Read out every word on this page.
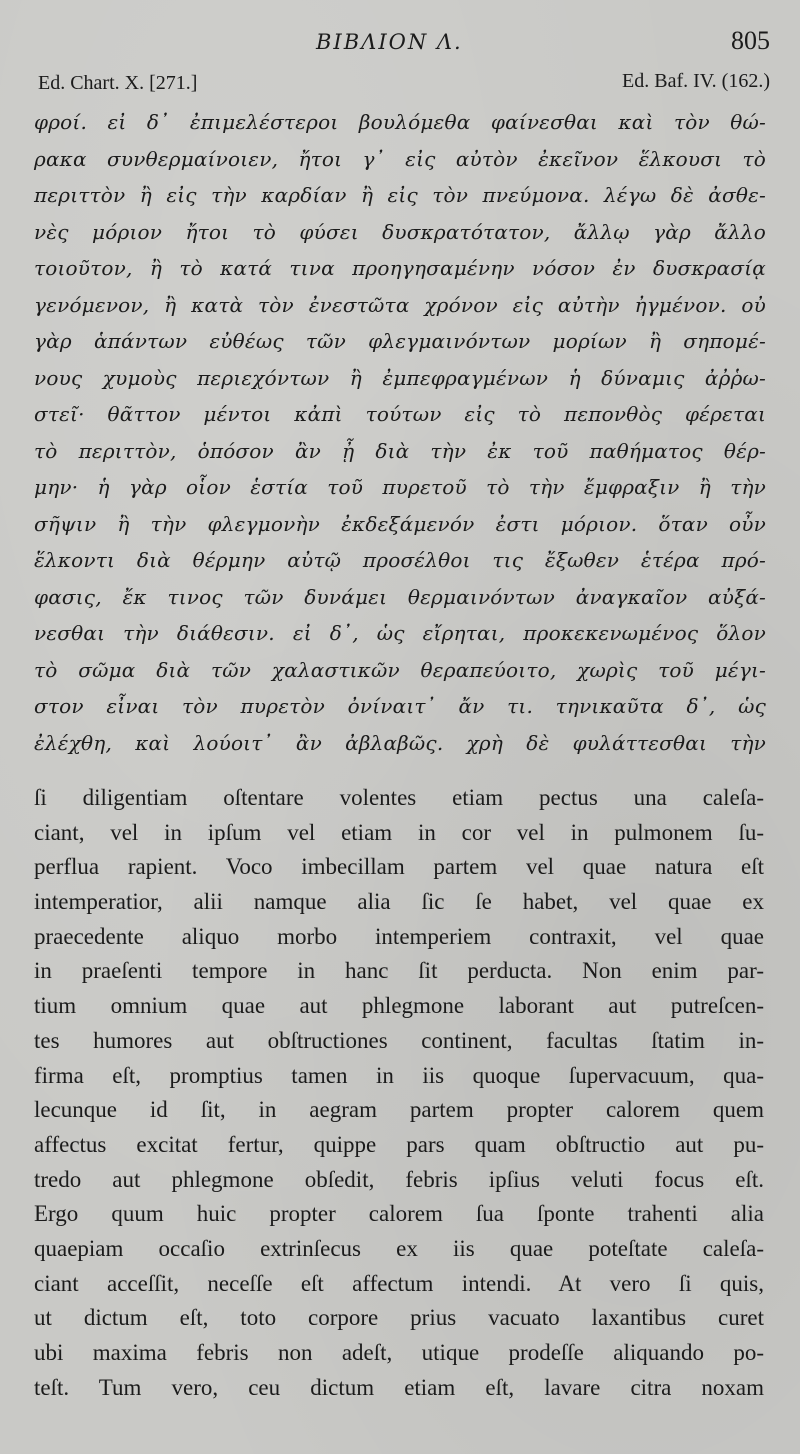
BIBΛION Λ.	805
Ed. Chart. X. [271.]	Ed. Baf. IV. (162.)
φροί. εἰ δ᾽ ἐπιμελέστεροι βουλόμεθα φαίνεσθαι καὶ τὸν θώ-
ρακα συνθερμαίνοιεν, ἤτοι γ᾽ εἰς αὐτὸν ἐκεῖνον ἕλκουσι τὸ
περιττὸν ἢ εἰς τὴν καρδίαν ἢ εἰς τὸν πνεύμονα. λέγω δὲ ἀσθε-
νὲς μόριον ἤτοι τὸ φύσει δυσκρατότατον, ἄλλῳ γὰρ ἄλλο
τοιοῦτον, ἢ τὸ κατά τινα προηγησαμένην νόσον ἐν δυσκρασίᾳ
γενόμενον, ἢ κατὰ τὸν ἐνεστῶτα χρόνον εἰς αὐτὴν ἠγμένον. οὐ
γὰρ ἁπάντων εὐθέως τῶν φλεγμαινόντων μορίων ἢ σηπομέ-
νους χυμοὺς περιεχόντων ἢ ἐμπεφραγμένων ἡ δύναμις ἀῤῥω-
στεῖ· θᾶττον μέντοι κἀπὶ τούτων εἰς τὸ πεπονθὸς φέρεται
τὸ περιττὸν, ὁπόσον ἂν ᾖ διὰ τὴν ἐκ τοῦ παθήματος θέρ-
μην· ἡ γὰρ οἷον ἑστία τοῦ πυρετοῦ τὸ τὴν ἔμφραξιν ἢ τὴν
σῆψιν ἢ τὴν φλεγμονὴν ἐκδεξάμενόν ἐστι μόριον. ὅταν οὖν
ἕλκοντι διὰ θέρμην αὐτῷ προσέλθοι τις ἔξωθεν ἑτέρα πρό-
φασις, ἔκ τινος τῶν δυνάμει θερμαινόντων ἀναγκαῖον αὐξά-
νεσθαι τὴν διάθεσιν. εἰ δ᾽, ὡς εἴρηται, προκεκενωμένος ὅλον
τὸ σῶμα διὰ τῶν χαλαστικῶν θεραπεύοιτο, χωρὶς τοῦ μέγι-
στον εἶναι τὸν πυρετὸν ὀνίναιτ᾽ ἄν τι. τηνικαῦτα δ᾽, ὡς
ἐλέχθη, καὶ λούοιτ᾽ ἂν ἀβλαβῶς. χρὴ δὲ φυλάττεσθαι τὴν
ſi diligentiam oſtentare volentes etiam pectus una caleſa-
ciant, vel in ipſum vel etiam in cor vel in pulmonem ſu-
perflua rapient. Voco imbecillam partem vel quae natura eſt
intemperatior, alii namque alia ſic ſe habet, vel quae ex
praecedente aliquo morbo intemperiem contraxit, vel quae
in praeſenti tempore in hanc ſit perducta. Non enim par-
tium omnium quae aut phlegmone laborant aut putreſcen-
tes humores aut obſtructiones continent, facultas ſtatim in-
firma eſt, promptius tamen in iis quoque ſupervacuum, qua-
lecunque id ſit, in aegram partem propter calorem quem
affectus excitat fertur, quippe pars quam obſtructio aut pu-
tredo aut phlegmone obſedit, febris ipſius veluti focus eſt.
Ergo quum huic propter calorem ſua ſponte trahenti alia
quaepiam occaſio extrinſecus ex iis quae poteſtate caleſa-
ciant acceſſit, neceſſe eſt affectum intendi. At vero ſi quis,
ut dictum eſt, toto corpore prius vacuato laxantibus curet
ubi maxima febris non adeſt, utique prodeſſe aliquando po-
teſt. Tum vero, ceu dictum etiam eſt, lavare citra noxam
